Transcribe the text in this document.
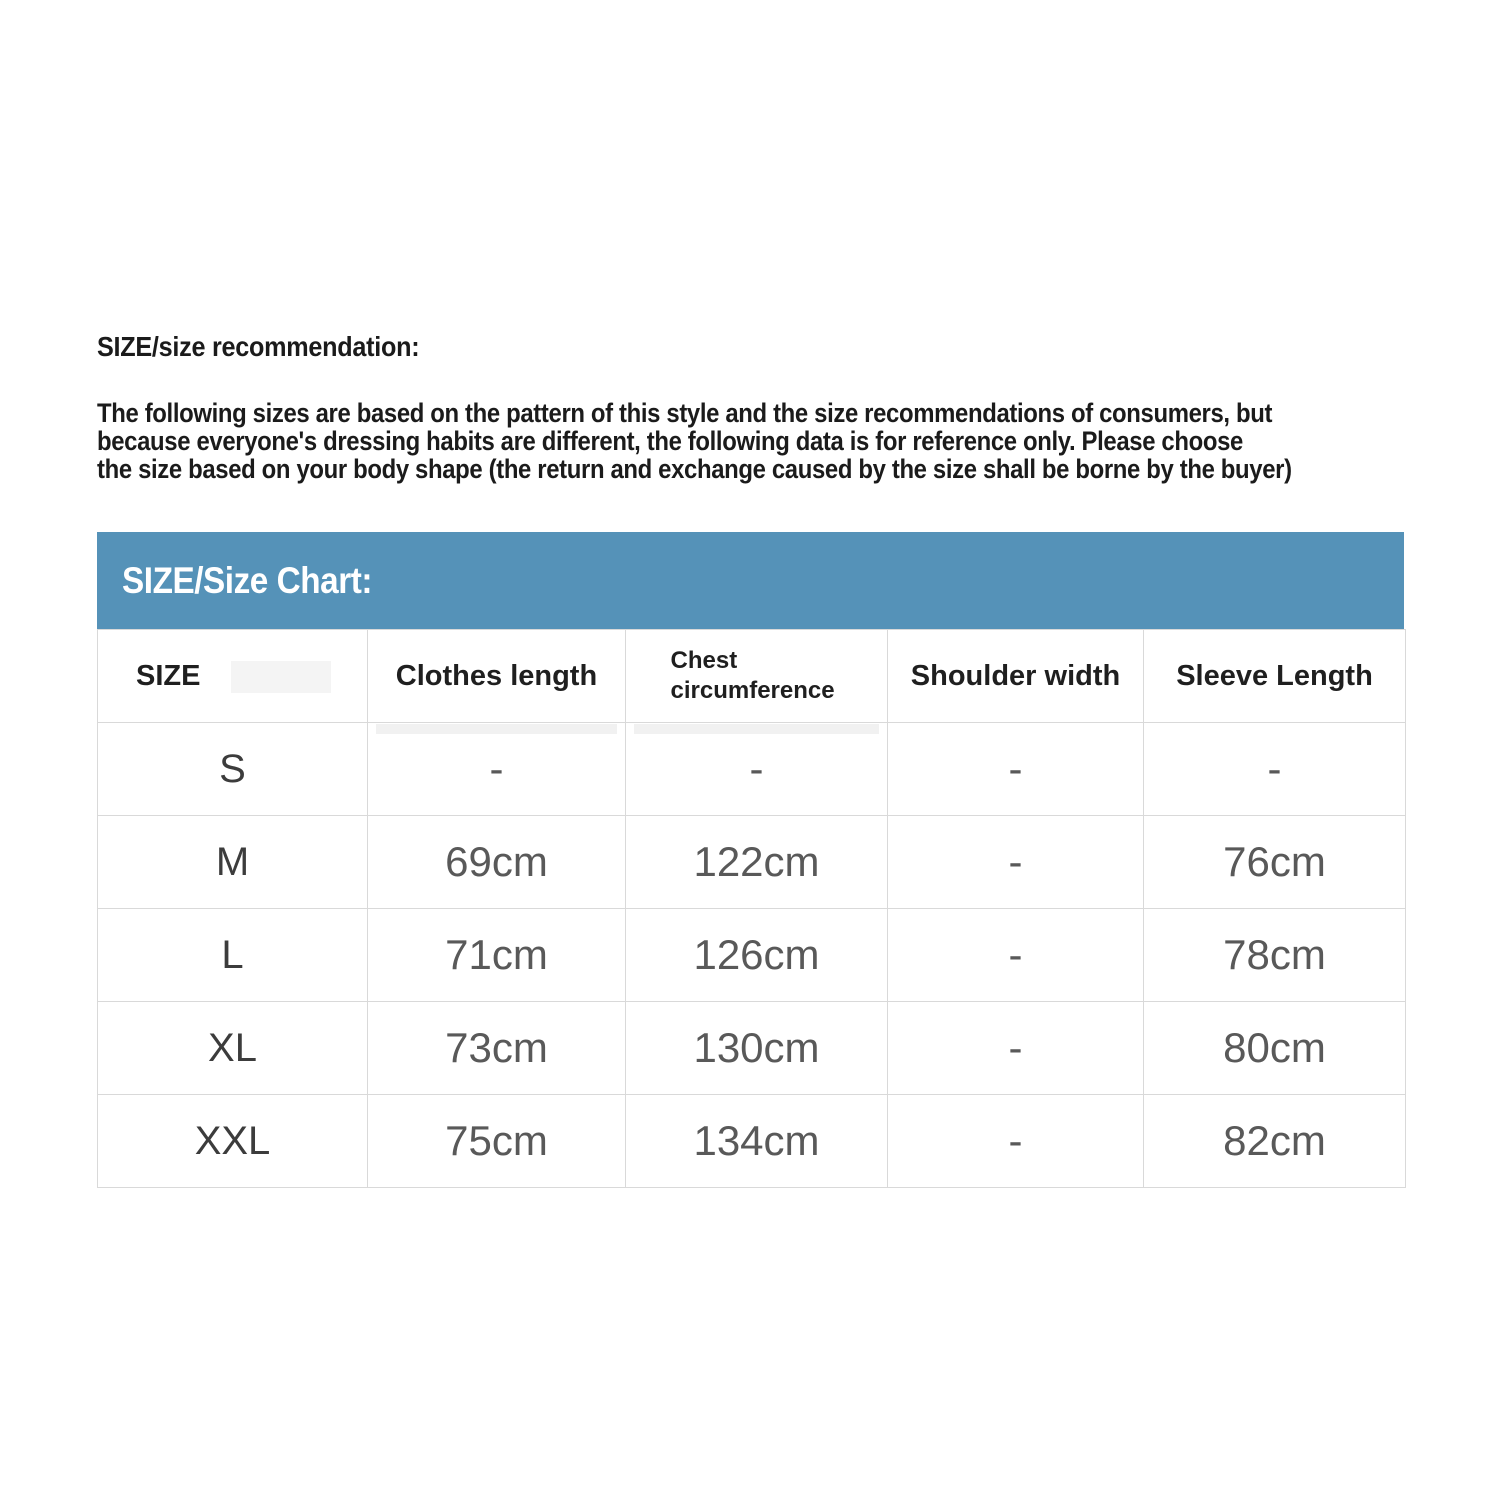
SIZE/size recommendation:
The following sizes are based on the pattern of this style and the size recommendations of consumers, but
because everyone's dressing habits are different, the following data is for reference only. Please choose
the size based on your body shape (the return and exchange caused by the size shall be borne by the buyer)
SIZE/Size Chart:
SIZE	Clothes length	Chest circumference	Shoulder width	Sleeve Length
S	-	-	-	-
M	69cm	122cm	-	76cm
L	71cm	126cm	-	78cm
XL	73cm	130cm	-	80cm
XXL	75cm	134cm	-	82cm
